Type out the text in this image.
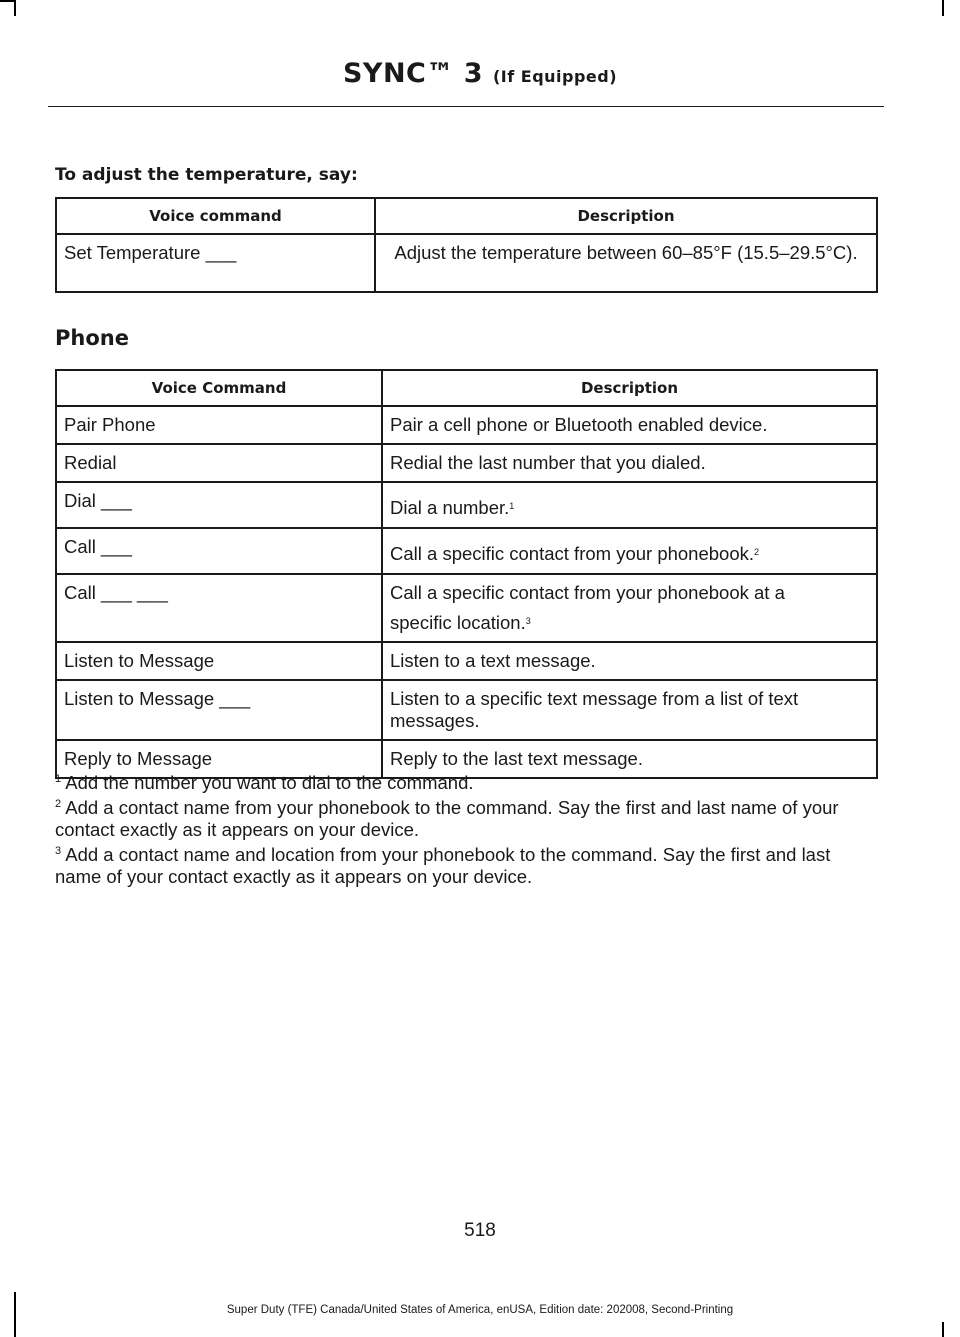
SYNC™ 3 (If Equipped)
To adjust the temperature, say:
Voice command	Description
Set Temperature ___	Adjust the temperature between 60–85°F (15.5–29.5°C).
Phone
Voice Command	Description
Pair Phone	Pair a cell phone or Bluetooth enabled device.
Redial	Redial the last number that you dialed.
Dial ___	Dial a number.$^1$
Call ___	Call a specific contact from your phonebook.$^2$
Call ___ ___	Call a specific contact from your phonebook at a
specific location.$^3$

Listen to Message	Listen to a text message.
Listen to Message ___	Listen to a specific text message from a list of text messages.
Reply to Message	Reply to the last text message.

$^1$ Add the number you want to dial to the command.

$^2$ Add a contact name from your phonebook to the command. Say the first and last name of your contact exactly as it appears on your device.

$^3$ Add a contact name and location from your phonebook to the command. Say the first and last name of your contact exactly as it appears on your device.

518
Super Duty (TFE) Canada/United States of America, enUSA, Edition date: 202008, Second-Printing
